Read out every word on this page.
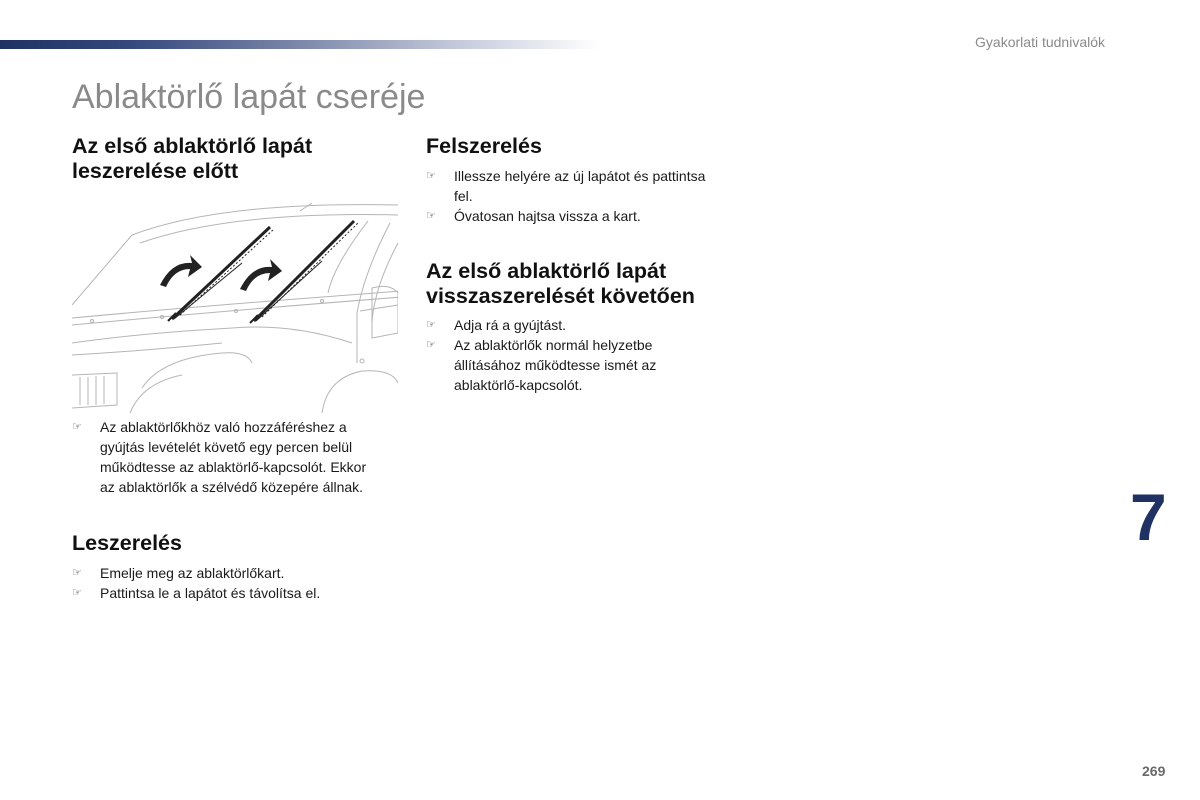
Gyakorlati tudnivalók
Ablaktörlő lapát cseréje
Az első ablaktörlő lapát
leszerelése előtt
☞ Az ablaktörlőkhöz való hozzáféréshez a
gyújtás levételét követő egy percen belül
működtesse az ablaktörlő-kapcsolót. Ekkor
az ablaktörlők a szélvédő közepére állnak.
Leszerelés
☞ Emelje meg az ablaktörlőkart.
☞ Pattintsa le a lapátot és távolítsa el.
Felszerelés
☞ Illessze helyére az új lapátot és pattintsa
fel.
☞ Óvatosan hajtsa vissza a kart.
Az első ablaktörlő lapát
visszaszerelését követően
☞ Adja rá a gyújtást.
☞ Az ablaktörlők normál helyzetbe
állításához működtesse ismét az
ablaktörlő-kapcsolót.
7
269
